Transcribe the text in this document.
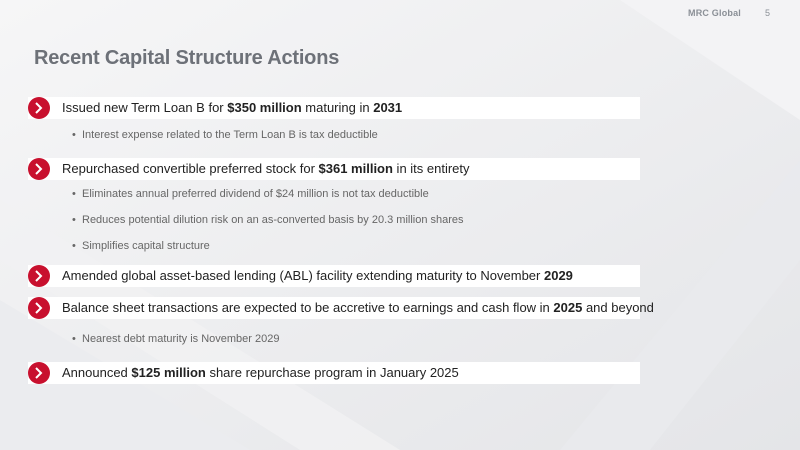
MRC Global	5
Recent Capital Structure Actions
Issued new Term Loan B for $350 million maturing in 2031
• Interest expense related to the Term Loan B is tax deductible
Repurchased convertible preferred stock for $361 million in its entirety
• Eliminates annual preferred dividend of $24 million is not tax deductible
• Reduces potential dilution risk on an as-converted basis by 20.3 million shares
• Simplifies capital structure
Amended global asset-based lending (ABL) facility extending maturity to November 2029
Balance sheet transactions are expected to be accretive to earnings and cash flow in 2025 and beyond
• Nearest debt maturity is November 2029
Announced $125 million share repurchase program in January 2025
